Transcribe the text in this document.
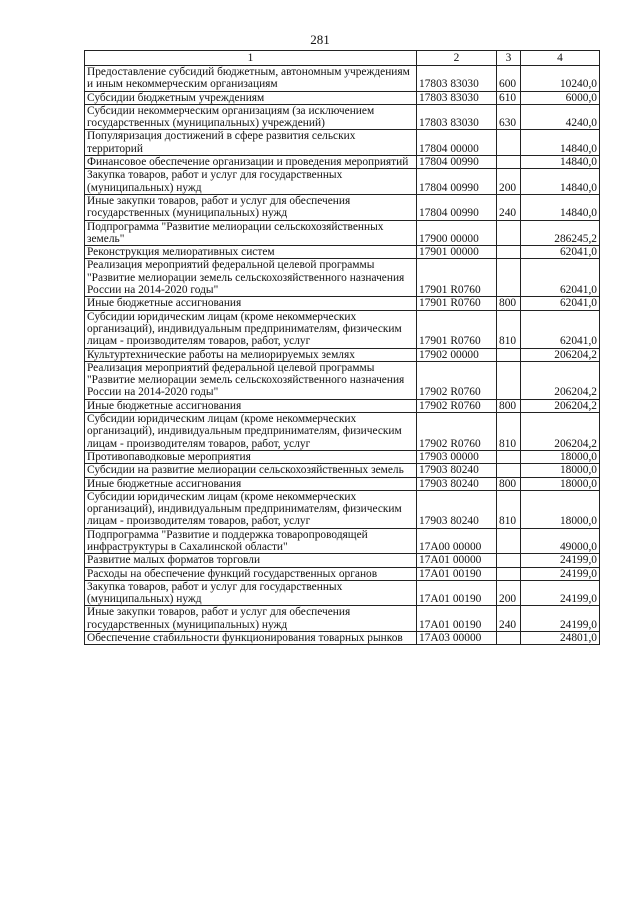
281
1	2	3	4
Предоставление субсидий бюджетным, автономным учреждениям и иным некоммерческим организациям	17803 83030	600	10240,0
Субсидии бюджетным учреждениям	17803 83030	610	6000,0
Субсидии некоммерческим организациям (за исключением государственных (муниципальных) учреждений)	17803 83030	630	4240,0
Популяризация достижений в сфере развития сельских территорий	17804 00000		14840,0
Финансовое обеспечение организации и проведения мероприятий	17804 00990		14840,0
Закупка товаров, работ и услуг для государственных (муниципальных) нужд	17804 00990	200	14840,0
Иные закупки товаров, работ и услуг для обеспечения государственных (муниципальных) нужд	17804 00990	240	14840,0
Подпрограмма "Развитие мелиорации сельскохозяйственных земель"	17900 00000		286245,2
Реконструкция мелиоративных систем	17901 00000		62041,0
Реализация мероприятий федеральной целевой программы "Развитие мелиорации земель сельскохозяйственного назначения России на 2014-2020 годы"	17901 R0760		62041,0
Иные бюджетные ассигнования	17901 R0760	800	62041,0
Субсидии юридическим лицам (кроме некоммерческих организаций), индивидуальным предпринимателям, физическим лицам - производителям товаров, работ, услуг	17901 R0760	810	62041,0
Культуртехнические работы на мелиорируемых землях	17902 00000		206204,2
Реализация мероприятий федеральной целевой программы "Развитие мелиорации земель сельскохозяйственного назначения России на 2014-2020 годы"	17902 R0760		206204,2
Иные бюджетные ассигнования	17902 R0760	800	206204,2
Субсидии юридическим лицам (кроме некоммерческих организаций), индивидуальным предпринимателям, физическим лицам - производителям товаров, работ, услуг	17902 R0760	810	206204,2
Противопаводковые мероприятия	17903 00000		18000,0
Субсидии на развитие мелиорации сельскохозяйственных земель	17903 80240		18000,0
Иные бюджетные ассигнования	17903 80240	800	18000,0
Субсидии юридическим лицам (кроме некоммерческих организаций), индивидуальным предпринимателям, физическим лицам - производителям товаров, работ, услуг	17903 80240	810	18000,0
Подпрограмма "Развитие и поддержка товаропроводящей инфраструктуры в Сахалинской области"	17А00 00000		49000,0
Развитие малых форматов торговли	17А01 00000		24199,0
Расходы на обеспечение функций государственных органов	17А01 00190		24199,0
Закупка товаров, работ и услуг для государственных (муниципальных) нужд	17А01 00190	200	24199,0
Иные закупки товаров, работ и услуг для обеспечения государственных (муниципальных) нужд	17А01 00190	240	24199,0
Обеспечение стабильности функционирования товарных рынков	17А03 00000		24801,0
